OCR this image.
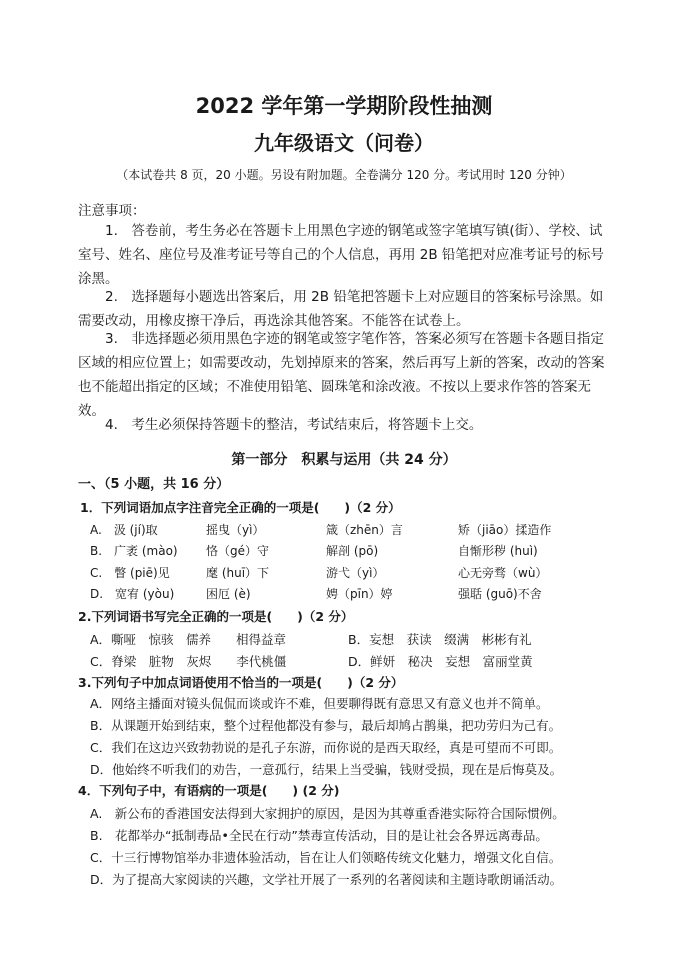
2022 学年第一学期阶段性抽测
九年级语文（问卷）
（本试卷共 8 页，20 小题。另设有附加题。全卷满分 120 分。考试用时 120 分钟）
注意事项：

1.　答卷前，考生务必在答题卡上用黑色字迹的钢笔或签字笔填写镇(街）、学校、试室号、姓名、座位号及准考证号等自己的个人信息，再用 2B 铅笔把对应准考证号的标号涂黑。

2.　选择题每小题选出答案后，用 2B 铅笔把答题卡上对应题目的答案标号涂黑。如需要改动，用橡皮擦干净后，再选涂其他答案。不能答在试卷上。

3.　非选择题必须用黑色字迹的钢笔或签字笔作答，答案必须写在答题卡各题目指定区域的相应位置上；如需要改动，先划掉原来的答案，然后再写上新的答案，改动的答案也不能超出指定的区域；不准使用铅笔、圆珠笔和涂改液。不按以上要求作答的答案无效。

4.　考生必须保持答题卡的整洁，考试结束后，将答题卡上交。

第一部分　积累与运用（共 24 分）
一、（5 小题，共 16 分）
1．下列词语加点字注音完全正确的一项是(　　)（2 分）
A.　汲 (jí)取	摇曳（yì）	箴（zhēn）言	矫（jiāo）揉造作
B.　广袤 (mào) 恪（gé）守	解剖 (pō)	自惭形秽 (huì)
C.　瞥 (piē)见	麾 (huī）下	游弋（yì）	心无旁骛（wù）
D.　宽宥 (yòu)	困厄 (è)	娉（pīn）婷	强聒 (guō)不舍
2.下列词语书写完全正确的一项是(　　)（2 分）
A．嘶哑　惊骇　儒养　　相得益章	B．妄想　获读　缀满　彬彬有礼
C．脊梁　脏物　灰烬　　李代桃僵	D．鲜妍　秘决　妄想　富丽堂黄
3.下列句子中加点词语使用不恰当的一项是(　　)（2 分）
A．网络主播面对镜头侃侃而谈或许不难，但要聊得既有意思又有意义也并不简单。
B．从课题开始到结束，整个过程他都没有参与，最后却鸠占鹊巢，把功劳归为己有。
C．我们在这边兴致勃勃说的是孔子东游，而你说的是西天取经，真是可望而不可即。
D．他始终不听我们的劝告，一意孤行，结果上当受骗，钱财受损，现在是后悔莫及。
4．下列句子中，有语病的一项是(　　) (2 分)
A.　新公布的香港国安法得到大家拥护的原因，是因为其尊重香港实际符合国际惯例。
B.　花都举办“抵制毒品•全民在行动”禁毒宣传活动，目的是让社会各界远离毒品。
C．十三行博物馆举办非遗体验活动，旨在让人们领略传统文化魅力，增强文化自信。
D．为了提高大家阅读的兴趣，文学社开展了一系列的名著阅读和主题诗歌朗诵活动。
